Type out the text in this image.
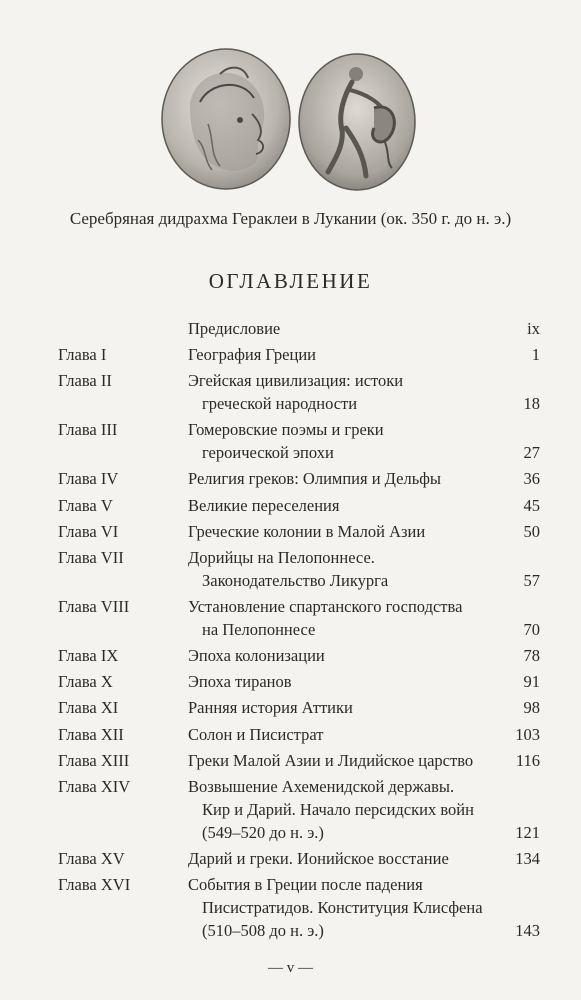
Серебряная дидрахма Гераклеи в Лукании (ок. 350 г. до н. э.)
ОГЛАВЛЕНИЕ
Предисловие	ix
Глава I	География Греции	1
Глава II	Эгейская цивилизация: истоки
греческой народности	18
Глава III	Гомеровские поэмы и греки
героической эпохи	27
Глава IV	Религия греков: Олимпия и Дельфы	36
Глава V	Великие переселения	45
Глава VI	Греческие колонии в Малой Азии	50
Глава VII	Дорийцы на Пелопоннесе.
Законодательство Ликурга	57
Глава VIII	Установление спартанского господства
на Пелопоннесе	70
Глава IX	Эпоха колонизации	78
Глава X	Эпоха тиранов	91
Глава XI	Ранняя история Аттики	98
Глава XII	Солон и Писистрат	103
Глава XIII	Греки Малой Азии и Лидийское царство	116
Глава XIV	Возвышение Ахеменидской державы.
Кир и Дарий. Начало персидских войн
(549–520 до н. э.)	121
Глава XV	Дарий и греки. Ионийское восстание	134
Глава XVI	События в Греции после падения
Писистратидов. Конституция Клисфена
(510–508 до н. э.)	143
— v —
